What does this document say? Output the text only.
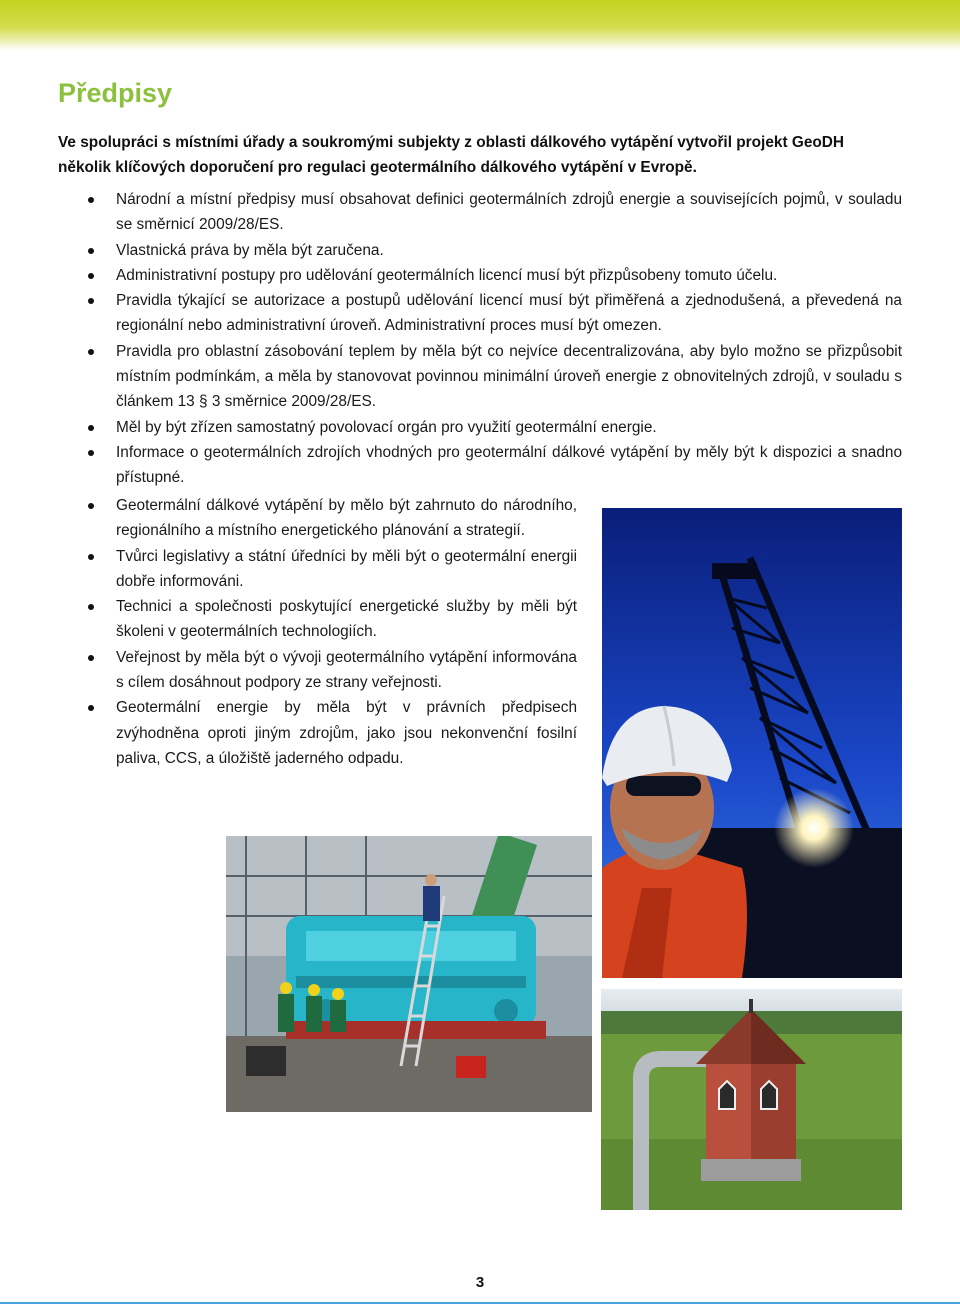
Předpisy

Ve spolupráci s místními úřady a soukromými subjekty z oblasti dálkového vytápění vytvořil projekt GeoDH několik klíčových doporučení pro regulaci geotermálního dálkového vytápění v Evropě.

Národní a místní předpisy musí obsahovat definici geotermálních zdrojů energie a souvisejících pojmů, v souladu se směrnicí 2009/28/ES.
Vlastnická práva by měla být zaručena.
Administrativní postupy pro udělování geotermálních licencí musí být přizpůsobeny tomuto účelu.
Pravidla týkající se autorizace a postupů udělování licencí musí být přiměřená a zjednodušená, a převedená na regionální nebo administrativní úroveň. Administrativní proces musí být omezen.
Pravidla pro oblastní zásobování teplem by měla být co nejvíce decentralizována, aby bylo možno se přizpůsobit místním podmínkám, a měla by stanovovat povinnou minimální úroveň energie z obnovitelných zdrojů, v souladu s článkem 13 § 3 směrnice 2009/28/ES.
Měl by být zřízen samostatný povolovací orgán pro využití geotermální energie.
Informace o geotermálních zdrojích vhodných pro geotermální dálkové vytápění by měly být k dispozici a snadno přístupné.
Geotermální dálkové vytápění by mělo být zahrnuto do národního, regionálního a místního energetického plánování a strategií.
Tvůrci legislativy a státní úředníci by měli být o geotermální energii dobře informováni.
Technici a společnosti poskytující energetické služby by měli být školeni v geotermálních technologiích.
Veřejnost by měla být o vývoji geotermálního vytápění informována s cílem dosáhnout podpory ze strany veřejnosti.
Geotermální energie by měla být v právních předpisech zvýhodněna oproti jiným zdrojům, jako jsou nekonvenční fosilní paliva, CCS, a úložiště jaderného odpadu.
3
